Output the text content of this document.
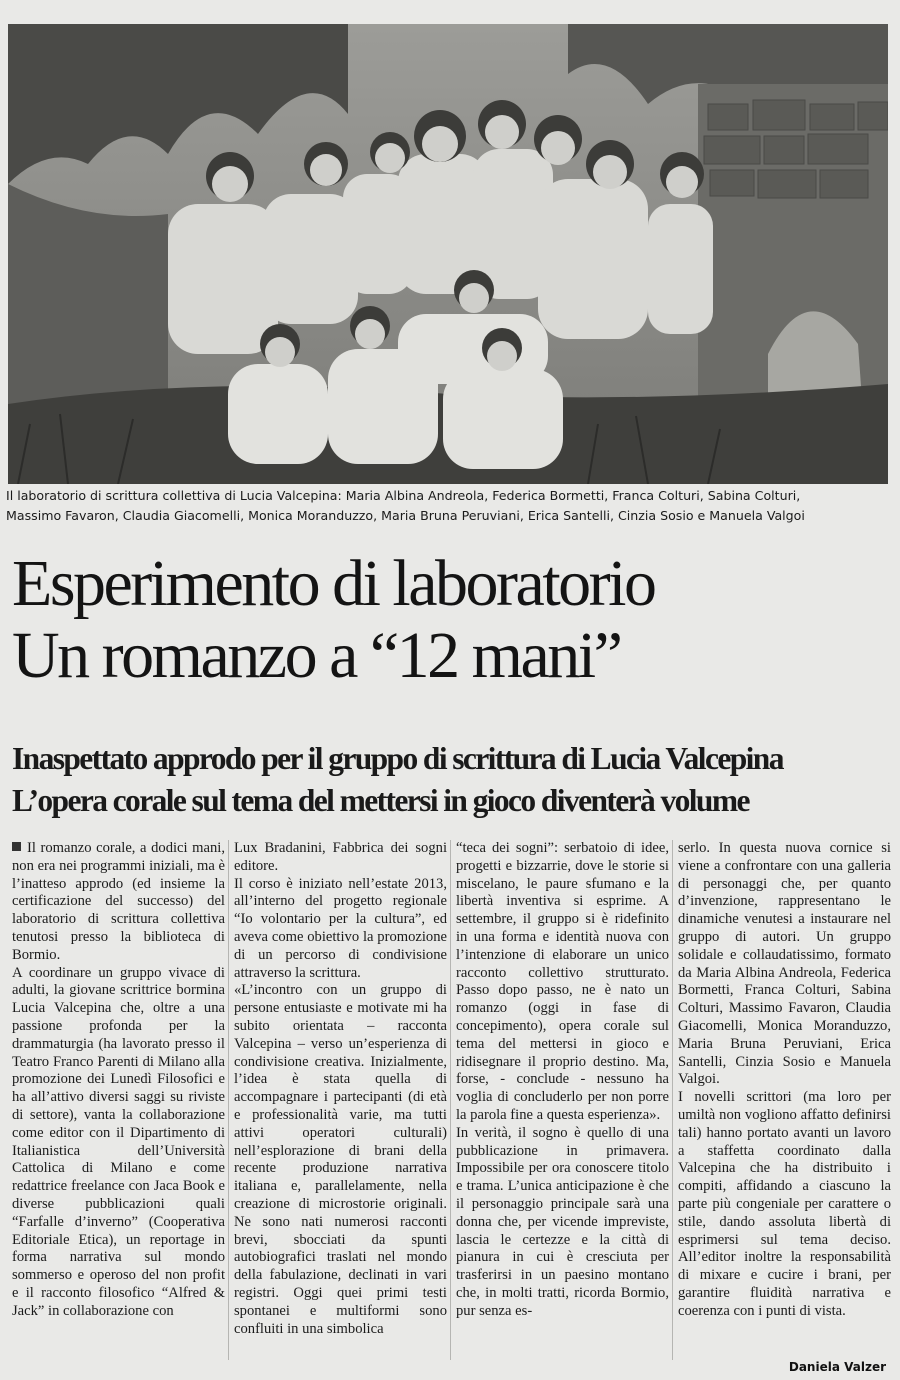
Il laboratorio di scrittura collettiva di Lucia Valcepina: Maria Albina Andreola, Federica Bormetti, Franca Colturi, Sabina Colturi,
Massimo Favaron, Claudia Giacomelli, Monica Moranduzzo, Maria Bruna Peruviani, Erica Santelli, Cinzia Sosio e Manuela Valgoi
Esperimento di laboratorio
Un romanzo a “12 mani”
Inaspettato approdo per il gruppo di scrittura di Lucia Valcepina
L’opera corale sul tema del mettersi in gioco diventerà volume

Il romanzo corale, a dodici mani, non era nei programmi iniziali, ma è l’inatteso approdo (ed insieme la certificazione del successo) del laboratorio di scrittura collettiva tenutosi presso la biblioteca di Bormio.

A coordinare un gruppo vivace di adulti, la giovane scrittrice bormina Lucia Valcepina che, oltre a una passione profonda per la drammaturgia (ha lavorato presso il Teatro Franco Parenti di Milano alla promozione dei Lunedì Filosofici e ha all’attivo diversi saggi su riviste di settore), vanta la collaborazione come editor con il Dipartimento di Italianistica dell’Università Cattolica di Milano e come redattrice freelance con Jaca Book e diverse pubblicazioni quali “Farfalle d’inverno” (Cooperativa Editoriale Etica), un reportage in forma narrativa sul mondo sommerso e operoso del non profit e il racconto filosofico “Alfred & Jack” in collaborazione con

Lux Bradanini, Fabbrica dei sogni editore.

Il corso è iniziato nell’estate 2013, all’interno del progetto regionale “Io volontario per la cultura”, ed aveva come obiettivo la promozione di un percorso di condivisione attraverso la scrittura.

«L’incontro con un gruppo di persone entusiaste e motivate mi ha subito orientata – racconta Valcepina – verso un’esperienza di condivisione creativa. Inizialmente, l’idea è stata quella di accompagnare i partecipanti (di età e professionalità varie, ma tutti attivi operatori culturali) nell’esplorazione di brani della recente produzione narrativa italiana e, parallelamente, nella creazione di microstorie originali. Ne sono nati numerosi racconti brevi, sbocciati da spunti autobiografici traslati nel mondo della fabulazione, declinati in vari registri. Oggi quei primi testi spontanei e multiformi sono confluiti in una simbolica

“teca dei sogni”: serbatoio di idee, progetti e bizzarrie, dove le storie si miscelano, le paure sfumano e la libertà inventiva si esprime. A settembre, il gruppo si è ridefinito in una forma e identità nuova con l’intenzione di elaborare un unico racconto collettivo strutturato. Passo dopo passo, ne è nato un romanzo (oggi in fase di concepimento), opera corale sul tema del mettersi in gioco e ridisegnare il proprio destino. Ma, forse, - conclude - nessuno ha voglia di concluderlo per non porre la parola fine a questa esperienza».

In verità, il sogno è quello di una pubblicazione in primavera. Impossibile per ora conoscere titolo e trama. L’unica anticipazione è che il personaggio principale sarà una donna che, per vicende impreviste, lascia le certezze e la città di pianura in cui è cresciuta per trasferirsi in un paesino montano che, in molti tratti, ricorda Bormio, pur senza es-

serlo. In questa nuova cornice si viene a confrontare con una galleria di personaggi che, per quanto d’invenzione, rappresentano le dinamiche venutesi a instaurare nel gruppo di autori. Un gruppo solidale e collaudatissimo, formato da Maria Albina Andreola, Federica Bormetti, Franca Colturi, Sabina Colturi, Massimo Favaron, Claudia Giacomelli, Monica Moranduzzo, Maria Bruna Peruviani, Erica Santelli, Cinzia Sosio e Manuela Valgoi.

I novelli scrittori (ma loro per umiltà non vogliono affatto definirsi tali) hanno portato avanti un lavoro a staffetta coordinato dalla Valcepina che ha distribuito i compiti, affidando a ciascuno la parte più congeniale per carattere o stile, dando assoluta libertà di esprimersi sul tema deciso. All’editor inoltre la responsabilità di mixare e cucire i brani, per garantire fluidità narrativa e coerenza con i punti di vista.

Daniela Valzer
